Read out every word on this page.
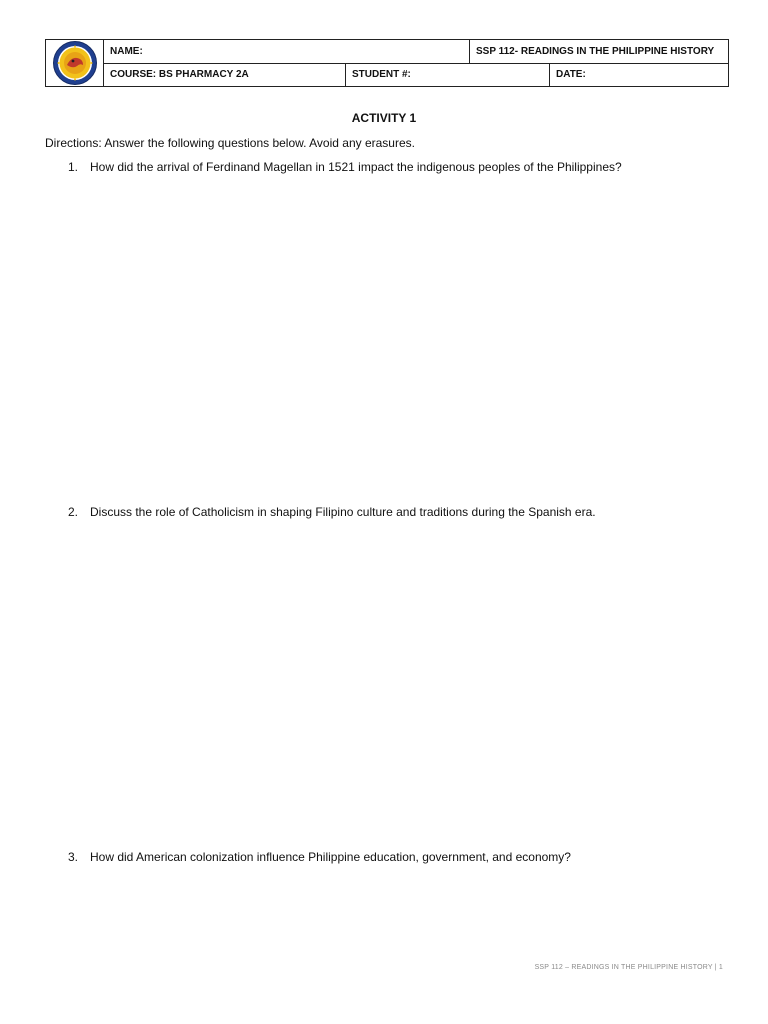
	NAME:		SSP 112- READINGS IN THE PHILIPPINE HISTORY	
	COURSE: BS PHARMACY 2A	STUDENT #:		DATE:
ACTIVITY 1
Directions: Answer the following questions below. Avoid any erasures.
1. How did the arrival of Ferdinand Magellan in 1521 impact the indigenous peoples of the Philippines?
2. Discuss the role of Catholicism in shaping Filipino culture and traditions during the Spanish era.
3. How did American colonization influence Philippine education, government, and economy?
SSP 112 – READINGS IN THE PHILIPPINE HISTORY | 1
